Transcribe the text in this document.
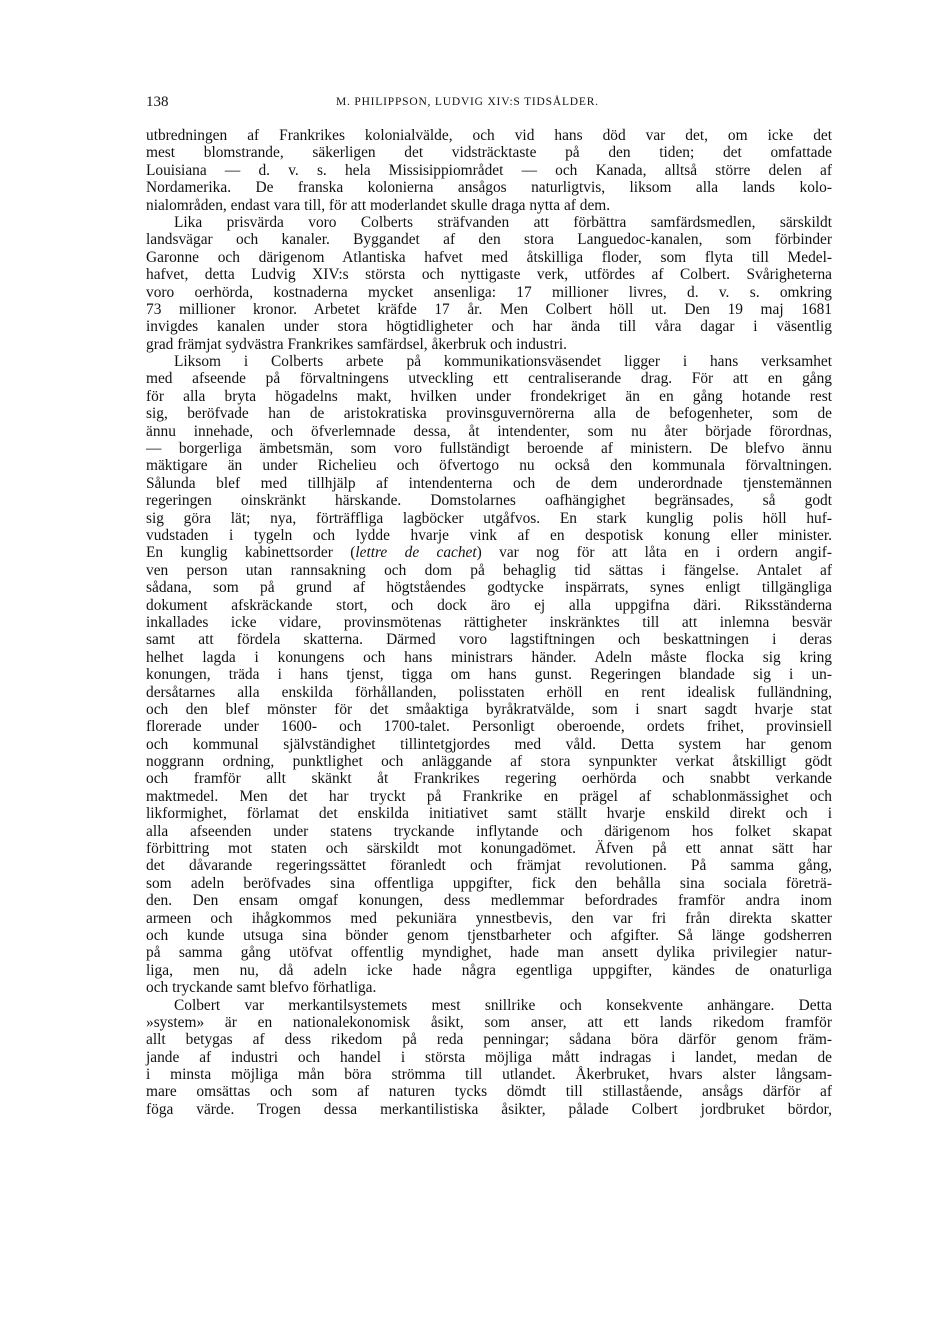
138	M. PHILIPPSON, LUDVIG XIV:S TIDSÅLDER.
utbredningen af Frankrikes kolonialvälde, och vid hans död var det, om icke det
mest blomstrande, säkerligen det vidsträcktaste på den tiden; det omfattade
Louisiana — d. v. s. hela Missisippiområdet — och Kanada, alltså större delen af
Nordamerika. De franska kolonierna ansågos naturligtvis, liksom alla lands kolo-
nialområden, endast vara till, för att moderlandet skulle draga nytta af dem.
Lika prisvärda voro Colberts sträfvanden att förbättra samfärdsmedlen, särskildt
landsvägar och kanaler. Byggandet af den stora Languedoc-kanalen, som förbinder
Garonne och därigenom Atlantiska hafvet med åtskilliga floder, som flyta till Medel-
hafvet, detta Ludvig XIV:s största och nyttigaste verk, utfördes af Colbert. Svårigheterna
voro oerhörda, kostnaderna mycket ansenliga: 17 millioner livres, d. v. s. omkring
73 millioner kronor. Arbetet kräfde 17 år. Men Colbert höll ut. Den 19 maj 1681
invigdes kanalen under stora högtidligheter och har ända till våra dagar i väsentlig
grad främjat sydvästra Frankrikes samfärdsel, åkerbruk och industri.
Liksom i Colberts arbete på kommunikationsväsendet ligger i hans verksamhet
med afseende på förvaltningens utveckling ett centraliserande drag. För att en gång
för alla bryta högadelns makt, hvilken under frondekriget än en gång hotande rest
sig, beröfvade han de aristokratiska provinsguvernörerna alla de befogenheter, som de
ännu innehade, och öfverlemnade dessa, åt intendenter, som nu åter började förordnas,
— borgerliga ämbetsmän, som voro fullständigt beroende af ministern. De blefvo ännu
mäktigare än under Richelieu och öfvertogo nu också den kommunala förvaltningen.
Sålunda blef med tillhjälp af intendenterna och de dem underordnade tjenstemännen
regeringen oinskränkt härskande. Domstolarnes oafhängighet begränsades, så godt
sig göra lät; nya, förträffliga lagböcker utgåfvos. En stark kunglig polis höll huf-
vudstaden i tygeln och lydde hvarje vink af en despotisk konung eller minister.
En kunglig kabinettsorder (lettre de cachet) var nog för att låta en i ordern angif-
ven person utan rannsakning och dom på behaglig tid sättas i fängelse. Antalet af
sådana, som på grund af högtståendes godtycke inspärrats, synes enligt tillgängliga
dokument afskräckande stort, och dock äro ej alla uppgifna däri. Riksständerna
inkallades icke vidare, provinsmötenas rättigheter inskränktes till att inlemna besvär
samt att fördela skatterna. Därmed voro lagstiftningen och beskattningen i deras
helhet lagda i konungens och hans ministrars händer. Adeln måste flocka sig kring
konungen, träda i hans tjenst, tigga om hans gunst. Regeringen blandade sig i un-
dersåtarnes alla enskilda förhållanden, polisstaten erhöll en rent idealisk fulländning,
och den blef mönster för det småaktiga byråkratvälde, som i snart sagdt hvarje stat
florerade under 1600- och 1700-talet. Personligt oberoende, ordets frihet, provinsiell
och kommunal självständighet tillintetgjordes med våld. Detta system har genom
noggrann ordning, punktlighet och anläggande af stora synpunkter verkat åtskilligt gödt
och framför allt skänkt åt Frankrikes regering oerhörda och snabbt verkande
maktmedel. Men det har tryckt på Frankrike en prägel af schablonmässighet och
likformighet, förlamat det enskilda initiativet samt ställt hvarje enskild direkt och i
alla afseenden under statens tryckande inflytande och därigenom hos folket skapat
förbittring mot staten och särskildt mot konungadömet. Äfven på ett annat sätt har
det dåvarande regeringssättet föranledt och främjat revolutionen. På samma gång,
som adeln beröfvades sina offentliga uppgifter, fick den behålla sina sociala företrä-
den. Den ensam omgaf konungen, dess medlemmar befordrades framför andra inom
armeen och ihågkommos med pekuniära ynnestbevis, den var fri från direkta skatter
och kunde utsuga sina bönder genom tjenstbarheter och afgifter. Så länge godsherren
på samma gång utöfvat offentlig myndighet, hade man ansett dylika privilegier natur-
liga, men nu, då adeln icke hade några egentliga uppgifter, kändes de onaturliga
och tryckande samt blefvo förhatliga.
Colbert var merkantilsystemets mest snillrike och konsekvente anhängare. Detta
»system» är en nationalekonomisk åsikt, som anser, att ett lands rikedom framför
allt betygas af dess rikedom på reda penningar; sådana böra därför genom främ-
jande af industri och handel i största möjliga mått indragas i landet, medan de
i minsta möjliga mån böra strömma till utlandet. Åkerbruket, hvars alster långsam-
mare omsättas och som af naturen tycks dömdt till stillastående, ansågs därför af
föga värde. Trogen dessa merkantilistiska åsikter, pålade Colbert jordbruket bördor,
